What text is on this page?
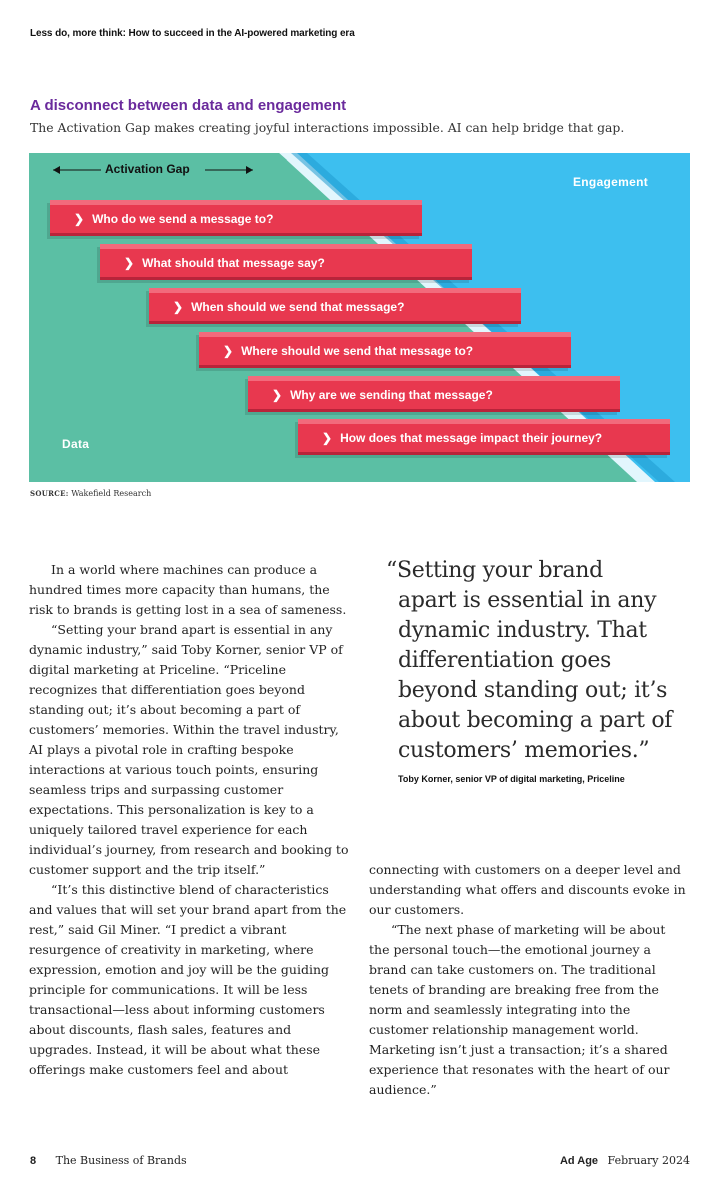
Less do, more think: How to succeed in the AI-powered marketing era
A disconnect between data and engagement
The Activation Gap makes creating joyful interactions impossible. AI can help bridge that gap.
Activation Gap
Engagement
Data
❯ Who do we send a message to?
❯ What should that message say?
❯ When should we send that message?
❯ Where should we send that message to?
❯ Why are we sending that message?
❯ How does that message impact their journey?
SOURCE: Wakefield Research

In a world where machines can produce a hundred times more capacity than humans, the risk to brands is getting lost in a sea of sameness.

“Setting your brand apart is essential in any dynamic industry,” said Toby Korner, senior VP of digital marketing at Priceline. “Priceline recognizes that differentiation goes beyond standing out; it’s about becoming a part of customers’ memories. Within the travel industry, AI plays a pivotal role in crafting bespoke interactions at various touch points, ensuring seamless trips and surpassing customer expectations. This personalization is key to a uniquely tailored travel experience for each individual’s journey, from research and booking to customer support and the trip itself.”

“It’s this distinctive blend of characteristics and values that will set your brand apart from the rest,” said Gil Miner. “I predict a vibrant resurgence of creativity in marketing, where expression, emotion and joy will be the guiding principle for communications. It will be less transactional—less about informing customers about discounts, flash sales, features and upgrades. Instead, it will be about what these offerings make customers feel and about

“Setting your brand
apart is essential in any
dynamic industry. That
differentiation goes
beyond standing out; it’s
about becoming a part of
customers’ memories.”
Toby Korner, senior VP of digital marketing, Priceline

connecting with customers on a deeper level and understanding what offers and discounts evoke in our customers.

“The next phase of marketing will be about the personal touch—the emotional journey a brand can take customers on. The traditional tenets of branding are breaking free from the norm and seamlessly integrating into the customer relationship management world. Marketing isn’t just a transaction; it’s a shared experience that resonates with the heart of our audience.”

8 The Business of Brands	Ad Age February 2024
